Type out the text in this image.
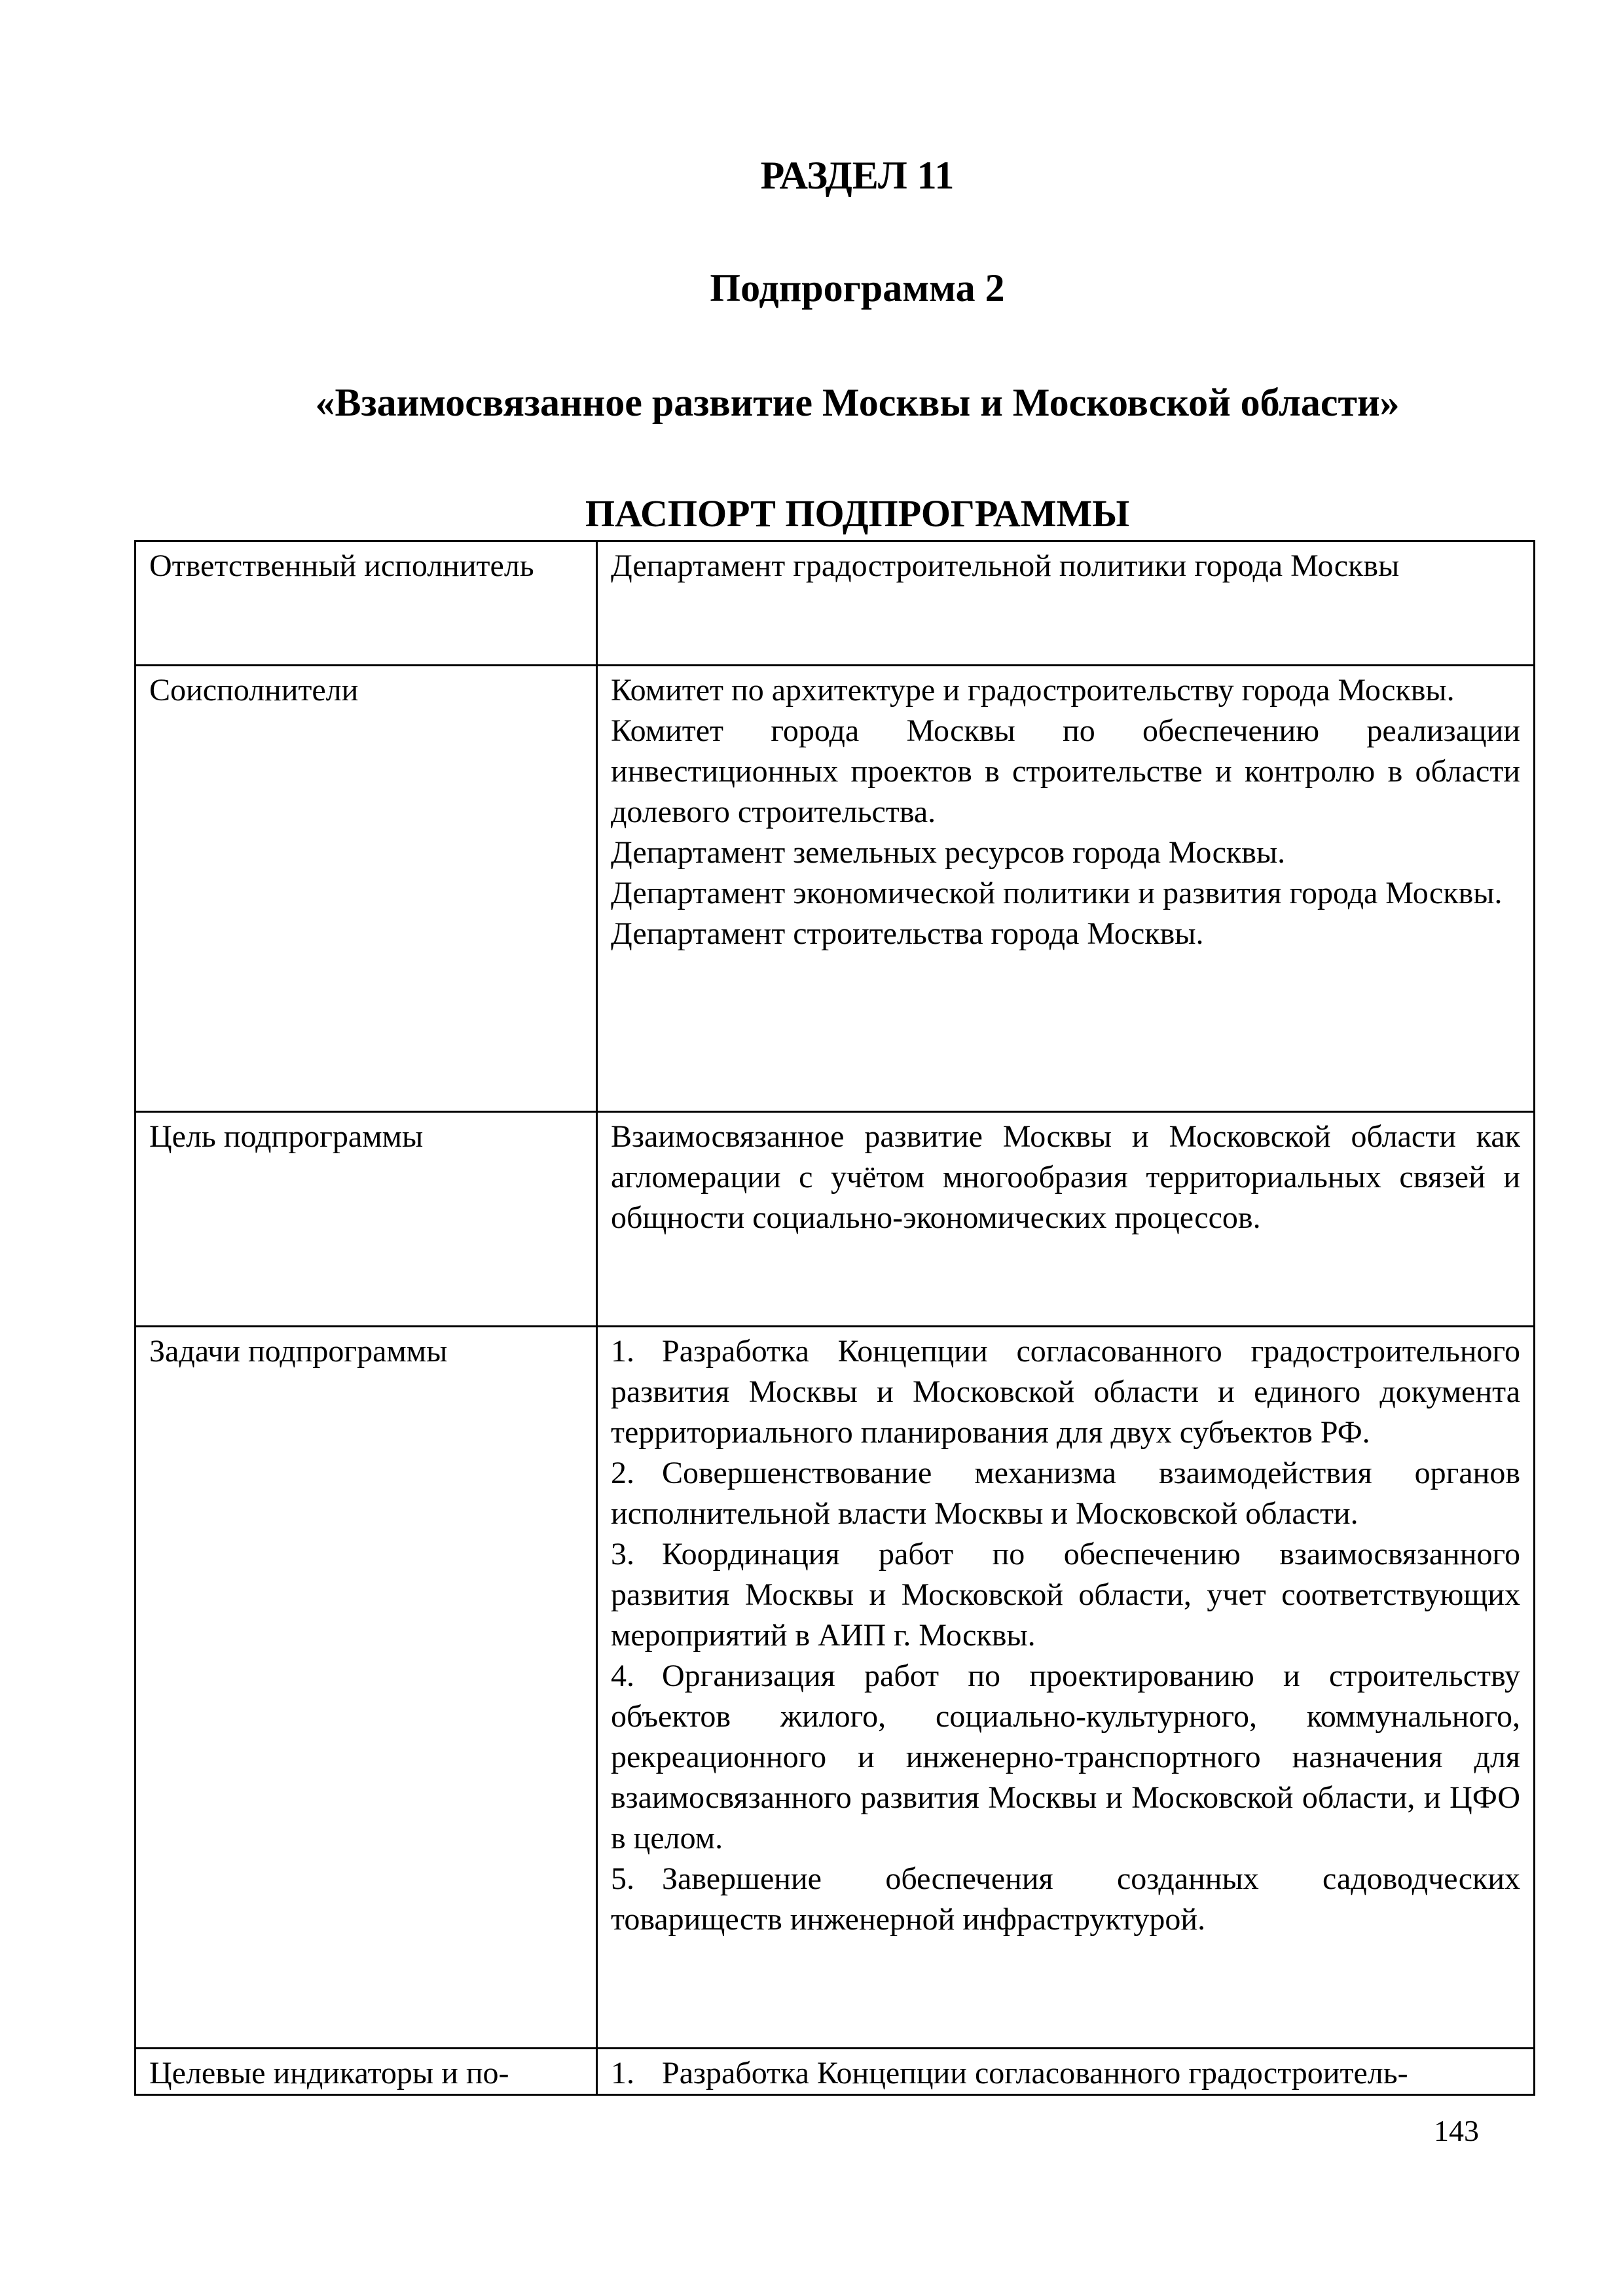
РАЗДЕЛ 11
Подпрограмма 2
«Взаимосвязанное развитие Москвы и Московской области»
ПАСПОРТ ПОДПРОГРАММЫ
Ответственный исполнитель	Департамент градостроительной политики города Москвы

Соисполнители	Комитет по архитектуре и градостроительству города Москвы.

Комитет города Москвы по обеспечению реализации инвестиционных проектов в строительстве и контролю в области долевого строительства.

Департамент земельных ресурсов города Москвы.

Департамент экономической политики и развития города Москвы.

Департамент строительства города Москвы.

Цель подпрограммы	Взаимосвязанное развитие Москвы и Московской области как агломерации с учётом многообразия территориальных связей и общности социально-экономических процессов.

Задачи подпрограммы	1. Разработка Концепции согласованного градостроительного развития Москвы и Московской области и единого документа территориального планирования для двух субъектов РФ.

2. Совершенствование механизма взаимодействия органов исполнительной власти Москвы и Московской области.

3. Координация работ по обеспечению взаимосвязанного развития Москвы и Московской области, учет соответствующих мероприятий в АИП г. Москвы.

4. Организация работ по проектированию и строительству объектов жилого, социально-культурного, коммунального, рекреационного и инженерно-транспортного назначения для взаимосвязанного развития Москвы и Московской области, и ЦФО в целом.

5. Завершение обеспечения созданных садоводческих товариществ инженерной инфраструктурой.

Целевые индикаторы и по-	1. Разработка Концепции согласованного градостроитель-

143
